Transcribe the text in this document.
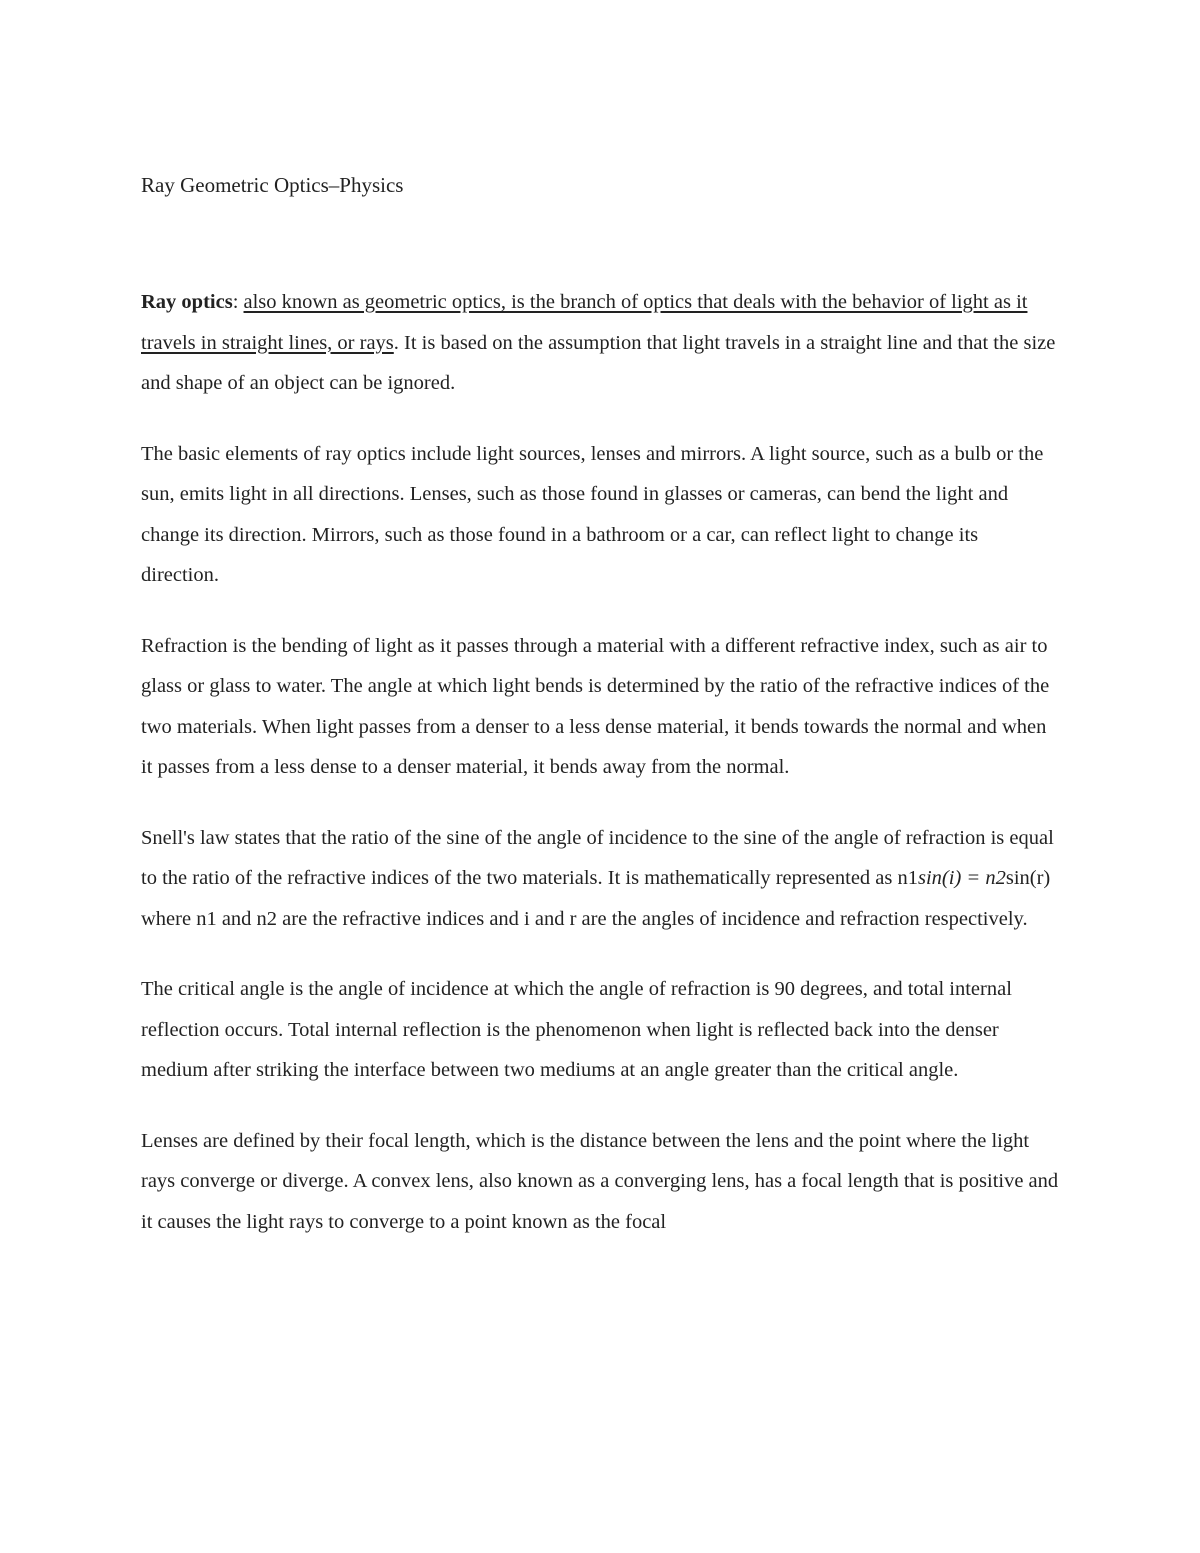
Ray Geometric Optics–Physics

Ray optics: also known as geometric optics, is the branch of optics that deals with the behavior of light as it travels in straight lines, or rays. It is based on the assumption that light travels in a straight line and that the size and shape of an object can be ignored.

The basic elements of ray optics include light sources, lenses and mirrors. A light source, such as a bulb or the sun, emits light in all directions. Lenses, such as those found in glasses or cameras, can bend the light and change its direction. Mirrors, such as those found in a bathroom or a car, can reflect light to change its direction.

Refraction is the bending of light as it passes through a material with a different refractive index, such as air to glass or glass to water. The angle at which light bends is determined by the ratio of the refractive indices of the two materials. When light passes from a denser to a less dense material, it bends towards the normal and when it passes from a less dense to a denser material, it bends away from the normal.

Snell's law states that the ratio of the sine of the angle of incidence to the sine of the angle of refraction is equal to the ratio of the refractive indices of the two materials. It is mathematically represented as n1sin(i) = n2sin(r) where n1 and n2 are the refractive indices and i and r are the angles of incidence and refraction respectively.

The critical angle is the angle of incidence at which the angle of refraction is 90 degrees, and total internal reflection occurs. Total internal reflection is the phenomenon when light is reflected back into the denser medium after striking the interface between two mediums at an angle greater than the critical angle.

Lenses are defined by their focal length, which is the distance between the lens and the point where the light rays converge or diverge. A convex lens, also known as a converging lens, has a focal length that is positive and it causes the light rays to converge to a point known as the focal
